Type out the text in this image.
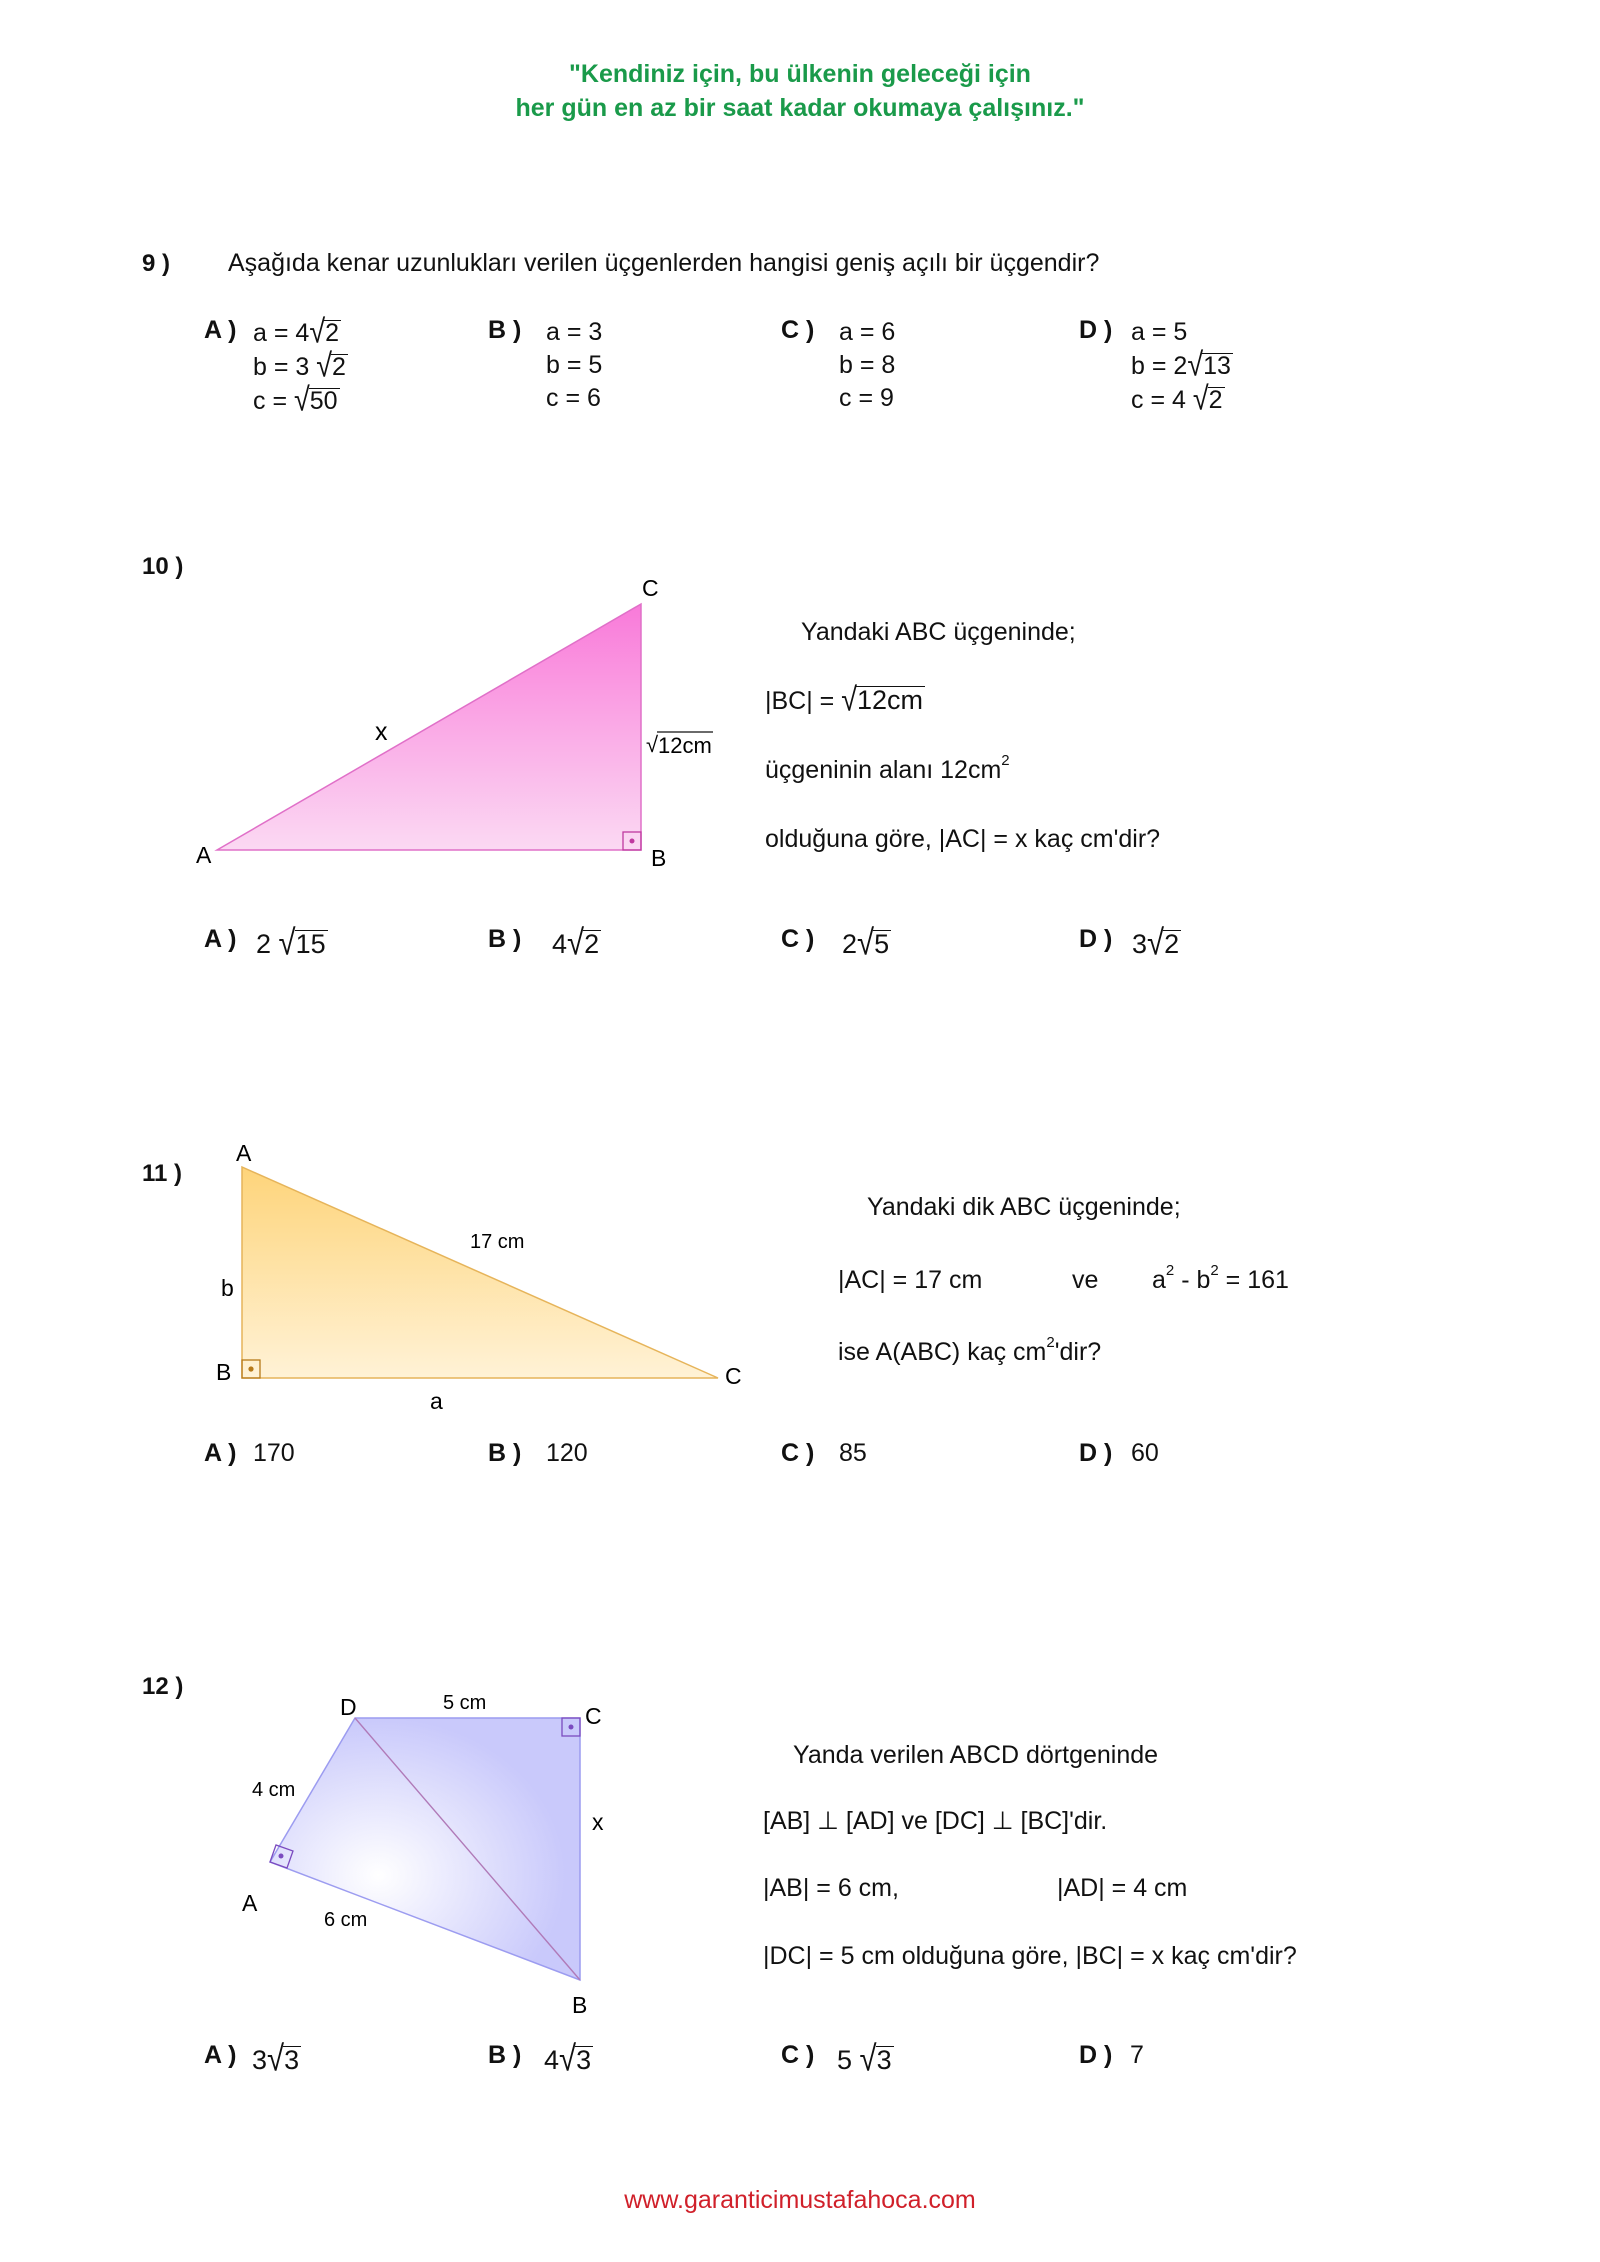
"Kendiniz için, bu ülkenin geleceği için
her gün en az bir saat kadar okumaya çalışınız."
9 ) Aşağıda kenar uzunlukları verilen üçgenlerden hangisi geniş açılı bir üçgendir?
A ) a = 4√2
b = 3 √2
c = √50
B ) a = 3
b = 5
c = 6
C ) a = 6
b = 8
c = 9
D ) a = 5
b = 2√13
c = 4 √2
10 )
A	B
C
x	√ 12cm
Yandaki ABC üçgeninde;
|BC| = √12cm
üçgeninin alanı $12cm^2$
olduğuna göre, |AC| = x kaç cm'dir?
A ) 2 √15	B ) 4√2	C ) 2√5	D ) 3√2
11 )
A
B	C
17 cm
a
b
Yandaki dik ABC üçgeninde;
|AC| = 17 cm	ve $a^2 - b^2 = 161$
ise A(ABC) kaç $cm^2'dir$?
A ) 170	B ) 120	C ) 85	D ) 60
12 )
D	C
A
B
5 cm
4 cm
6 cm
x
Yanda verilen ABCD dörtgeninde
[AB] ⊥ [AD] ve [DC] ⊥ [BC]'dir.
|AB| = 6 cm,	|AD| = 4 cm
|DC| = 5 cm olduğuna göre, |BC| = x kaç cm'dir?
A ) 3√3	B ) 4√3	C ) 5 √3	D ) 7
www.garanticimustafahoca.com
